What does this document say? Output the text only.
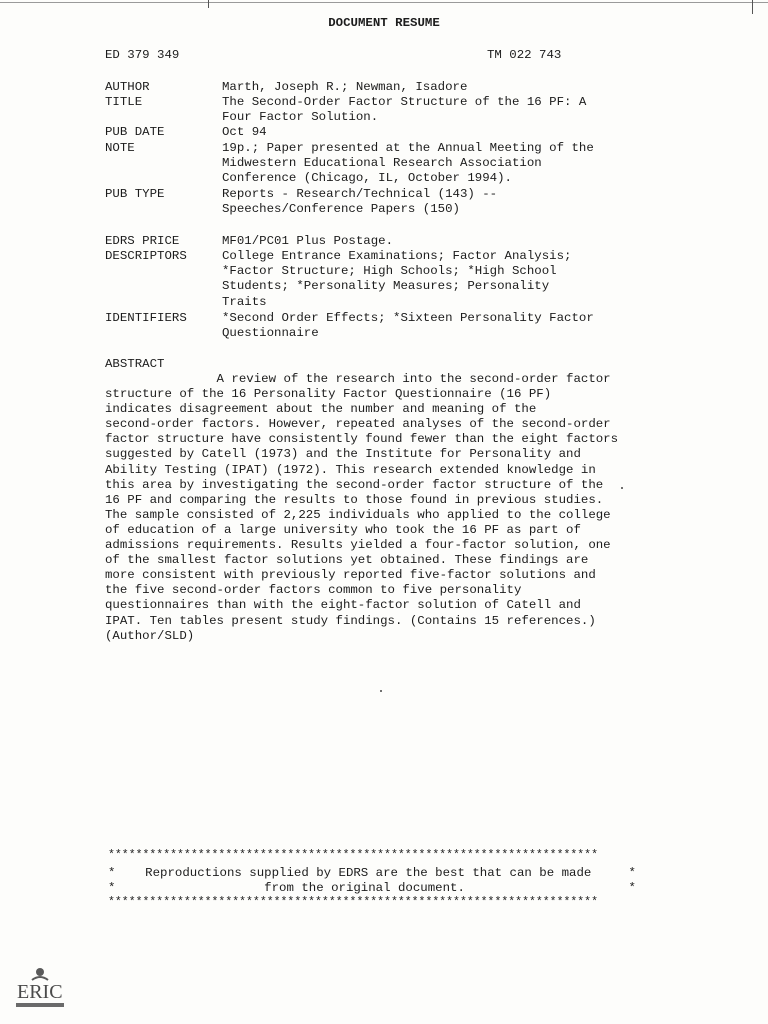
DOCUMENT RESUME
ED 379 349	TM 022 743
AUTHOR	Marth, Joseph R.; Newman, Isadore
TITLE	The Second-Order Factor Structure of the 16 PF: A
Four Factor Solution.
PUB DATE	Oct 94
NOTE	19p.; Paper presented at the Annual Meeting of the
Midwestern Educational Research Association
Conference (Chicago, IL, October 1994).
PUB TYPE	Reports - Research/Technical (143) --
Speeches/Conference Papers (150)
EDRS PRICE	MF01/PC01 Plus Postage.
DESCRIPTORS	College Entrance Examinations; Factor Analysis;
*Factor Structure; High Schools; *High School
Students; *Personality Measures; Personality
Traits
IDENTIFIERS	*Second Order Effects; *Sixteen Personality Factor
Questionnaire
ABSTRACT
A review of the research into the second-order factor
structure of the 16 Personality Factor Questionnaire (16 PF)
indicates disagreement about the number and meaning of the
second-order factors. However, repeated analyses of the second-order
factor structure have consistently found fewer than the eight factors
suggested by Catell (1973) and the Institute for Personality and
Ability Testing (IPAT) (1972). This research extended knowledge in
this area by investigating the second-order factor structure of the
16 PF and comparing the results to those found in previous studies.
The sample consisted of 2,225 individuals who applied to the college
of education of a large university who took the 16 PF as part of
admissions requirements. Results yielded a four-factor solution, one
of the smallest factor solutions yet obtained. These findings are
more consistent with previously reported five-factor solutions and
the five second-order factors common to five personality
questionnaires than with the eight-factor solution of Catell and
IPAT. Ten tables present study findings. (Contains 15 references.)
(Author/SLD)
***********************************************************************
*    Reproductions supplied by EDRS are the best that can be made     *
*                    from the original document.                      *
***********************************************************************
ERIC
